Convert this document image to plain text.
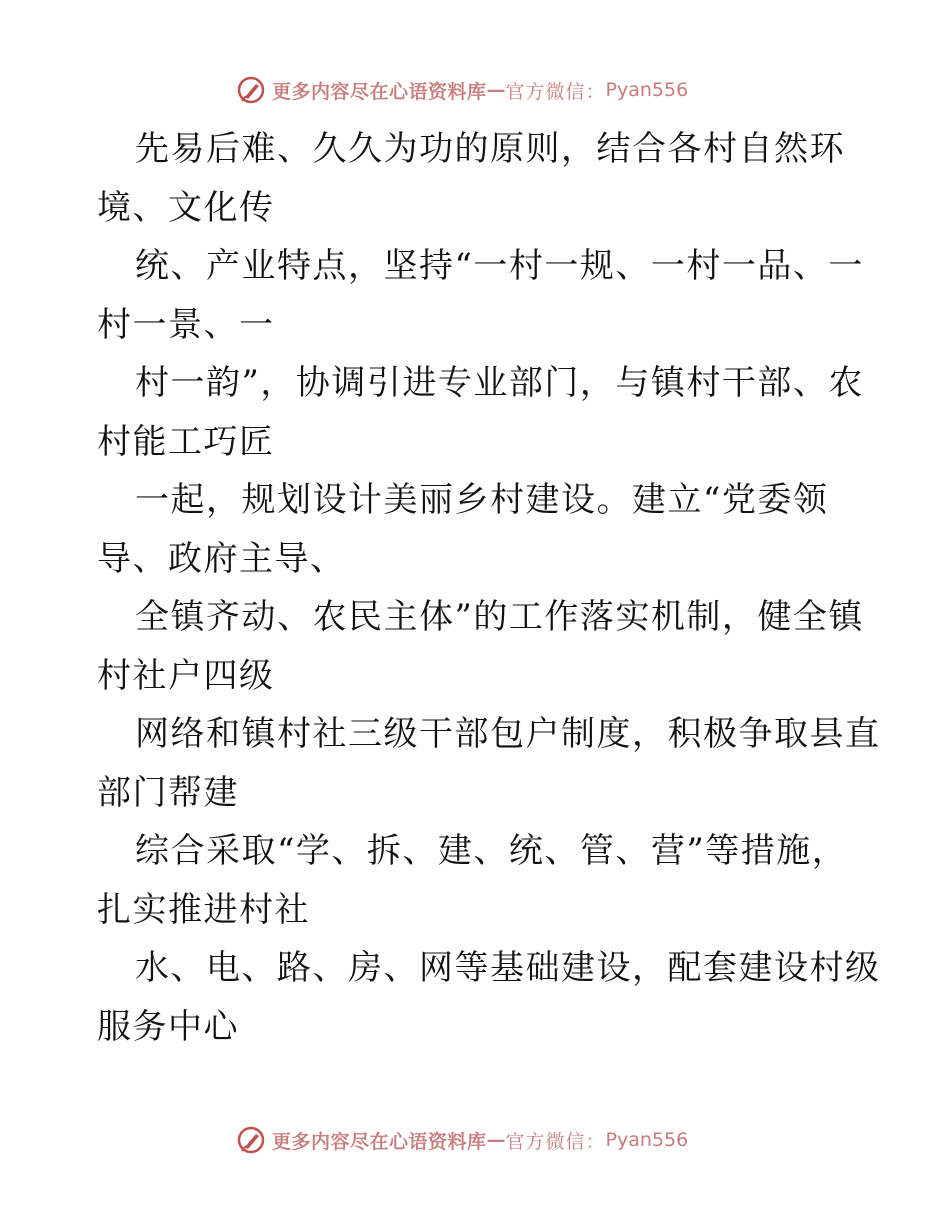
更多内容尽在心语资料库 — 官方微信： Pyan556

先易后难、久久为功的原则，结合各村自然环

境、文化传

统、产业特点，坚持“一村一规、一村一品、一

村一景、一

村一韵”，协调引进专业部门，与镇村干部、农

村能工巧匠

一起，规划设计美丽乡村建设。建立“党委领

导、政府主导、

全镇齐动、农民主体”的工作落实机制，健全镇

村社户四级

网络和镇村社三级干部包户制度，积极争取县直

部门帮建

综合采取“学、拆、建、统、管、营”等措施，

扎实推进村社

水、电、路、房、网等基础建设，配套建设村级

服务中心

更多内容尽在心语资料库 — 官方微信： Pyan556
